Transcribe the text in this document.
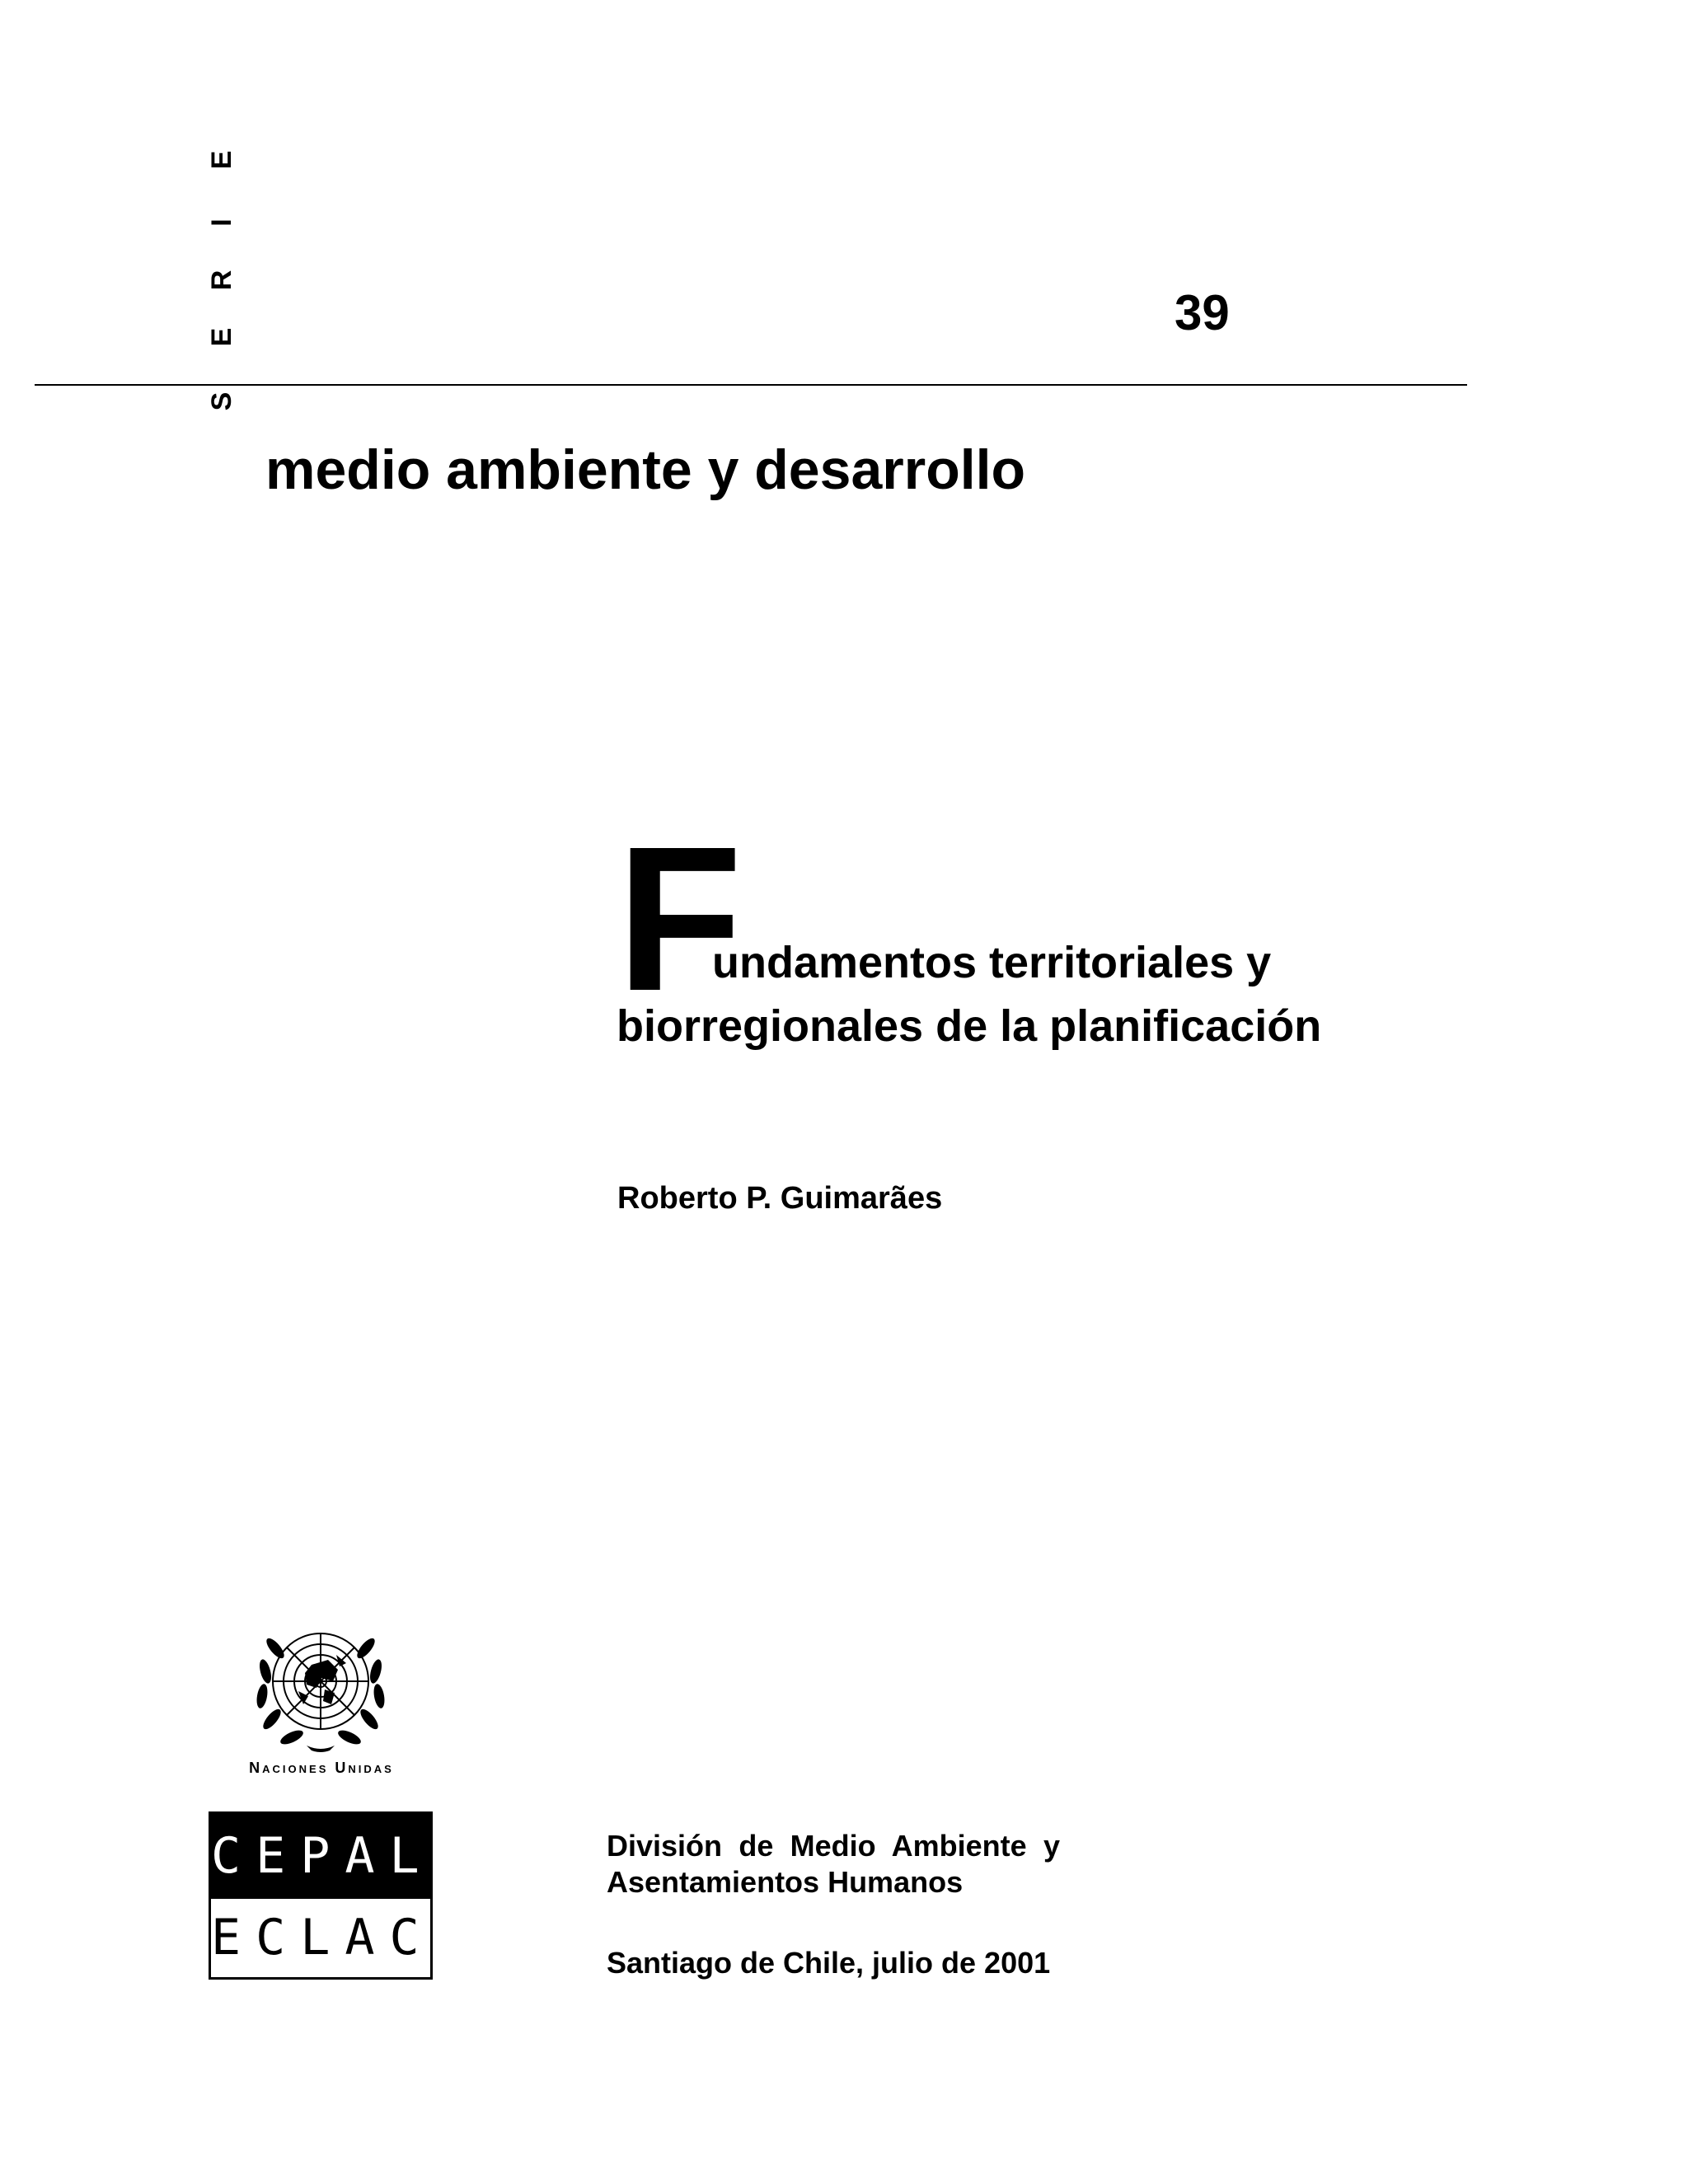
S
E
R
I
E
39
medio ambiente y desarrollo
F
undamentos territoriales y
biorregionales de la planificación
Roberto P. Guimarães
Naciones Unidas
CEPAL
ECLAC
División de Medio Ambiente y
Asentamientos Humanos
Santiago de Chile, julio de 2001
